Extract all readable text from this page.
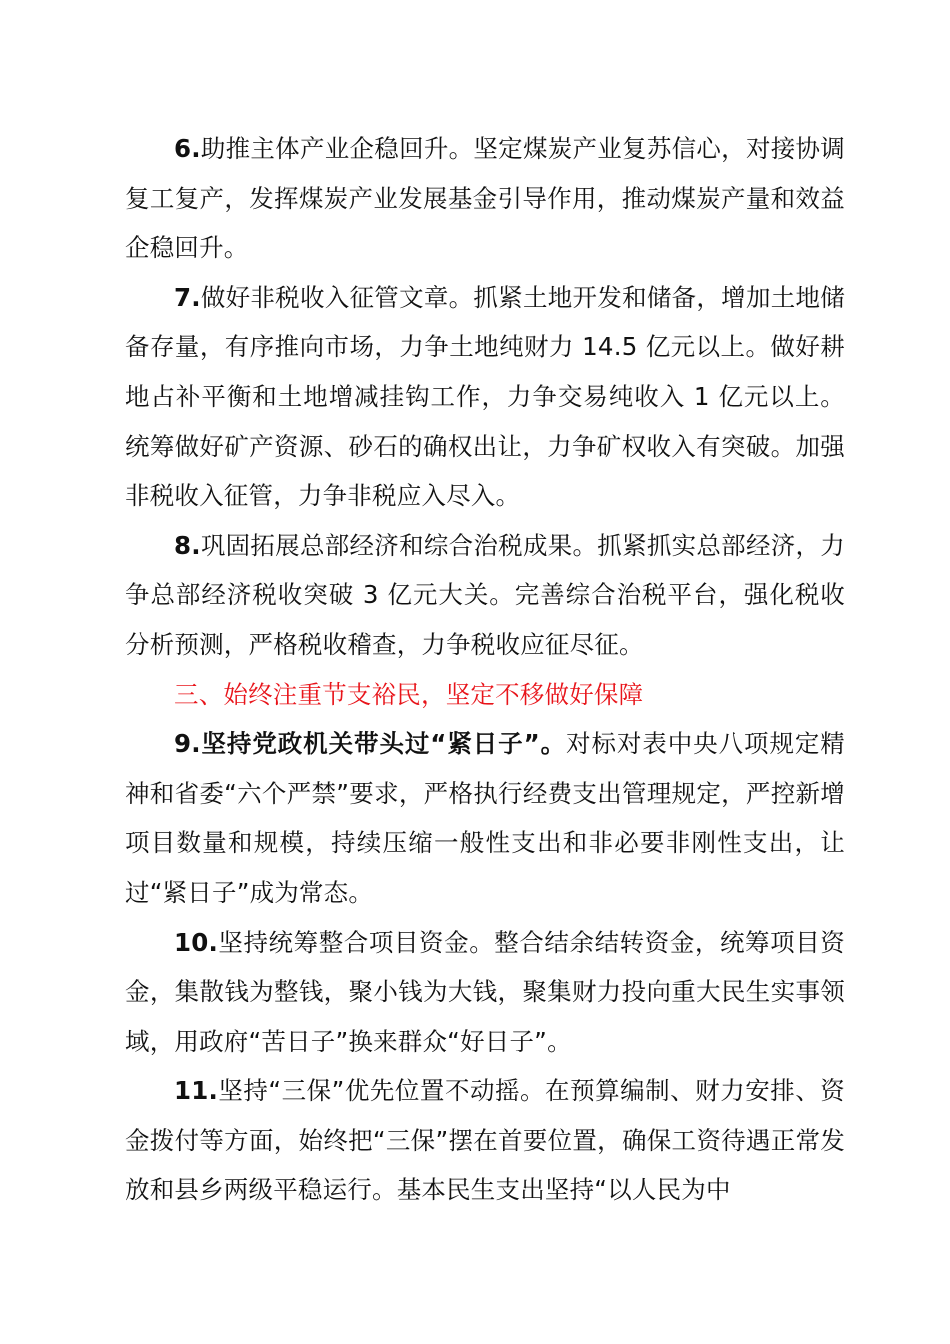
6.助推主体产业企稳回升。坚定煤炭产业复苏信心，对接协调复工复产，发挥煤炭产业发展基金引导作用，推动煤炭产量和效益企稳回升。

7.做好非税收入征管文章。抓紧土地开发和储备，增加土地储备存量，有序推向市场，力争土地纯财力 14.5 亿元以上。做好耕地占补平衡和土地增减挂钩工作，力争交易纯收入 1 亿元以上。统筹做好矿产资源、砂石的确权出让，力争矿权收入有突破。加强非税收入征管，力争非税应入尽入。

8.巩固拓展总部经济和综合治税成果。抓紧抓实总部经济，力争总部经济税收突破 3 亿元大关。完善综合治税平台，强化税收分析预测，严格税收稽查，力争税收应征尽征。

三、始终注重节支裕民，坚定不移做好保障

9.坚持党政机关带头过“紧日子”。对标对表中央八项规定精神和省委“六个严禁”要求，严格执行经费支出管理规定，严控新增项目数量和规模，持续压缩一般性支出和非必要非刚性支出，让过“紧日子”成为常态。

10.坚持统筹整合项目资金。整合结余结转资金，统筹项目资金，集散钱为整钱，聚小钱为大钱，聚集财力投向重大民生实事领域，用政府“苦日子”换来群众“好日子”。

11.坚持“三保”优先位置不动摇。在预算编制、财力安排、资金拨付等方面，始终把“三保”摆在首要位置，确保工资待遇正常发放和县乡两级平稳运行。基本民生支出坚持“以人民为中
